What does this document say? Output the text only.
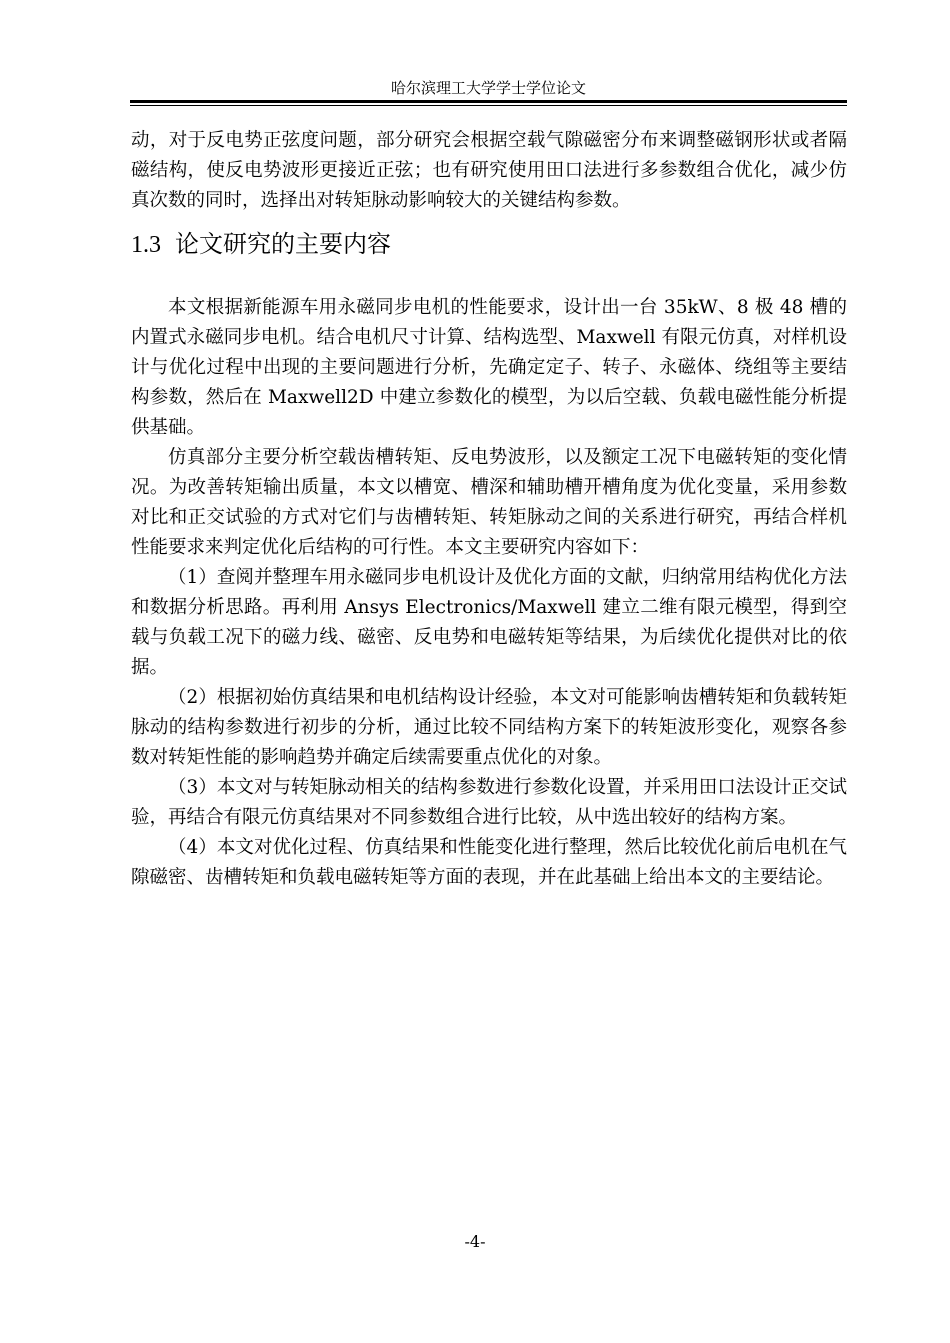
哈尔滨理工大学学士学位论文

动，对于反电势正弦度问题，部分研究会根据空载气隙磁密分布来调整磁钢形状或者隔磁结构，使反电势波形更接近正弦；也有研究使用田口法进行多参数组合优化，减少仿真次数的同时，选择出对转矩脉动影响较大的关键结构参数。

1.3 论文研究的主要内容

本文根据新能源车用永磁同步电机的性能要求，设计出一台 35kW、8 极 48 槽的内置式永磁同步电机。结合电机尺寸计算、结构选型、Maxwell 有限元仿真，对样机设计与优化过程中出现的主要问题进行分析，先确定定子、转子、永磁体、绕组等主要结构参数，然后在 Maxwell2D 中建立参数化的模型，为以后空载、负载电磁性能分析提供基础。

仿真部分主要分析空载齿槽转矩、反电势波形，以及额定工况下电磁转矩的变化情况。为改善转矩输出质量，本文以槽宽、槽深和辅助槽开槽角度为优化变量，采用参数对比和正交试验的方式对它们与齿槽转矩、转矩脉动之间的关系进行研究，再结合样机性能要求来判定优化后结构的可行性。本文主要研究内容如下：

（1）查阅并整理车用永磁同步电机设计及优化方面的文献，归纳常用结构优化方法和数据分析思路。再利用 Ansys Electronics/Maxwell 建立二维有限元模型，得到空载与负载工况下的磁力线、磁密、反电势和电磁转矩等结果，为后续优化提供对比的依据。

（2）根据初始仿真结果和电机结构设计经验，本文对可能影响齿槽转矩和负载转矩脉动的结构参数进行初步的分析，通过比较不同结构方案下的转矩波形变化，观察各参数对转矩性能的影响趋势并确定后续需要重点优化的对象。

（3）本文对与转矩脉动相关的结构参数进行参数化设置，并采用田口法设计正交试验，再结合有限元仿真结果对不同参数组合进行比较，从中选出较好的结构方案。

（4）本文对优化过程、仿真结果和性能变化进行整理，然后比较优化前后电机在气隙磁密、齿槽转矩和负载电磁转矩等方面的表现，并在此基础上给出本文的主要结论。

-4-
